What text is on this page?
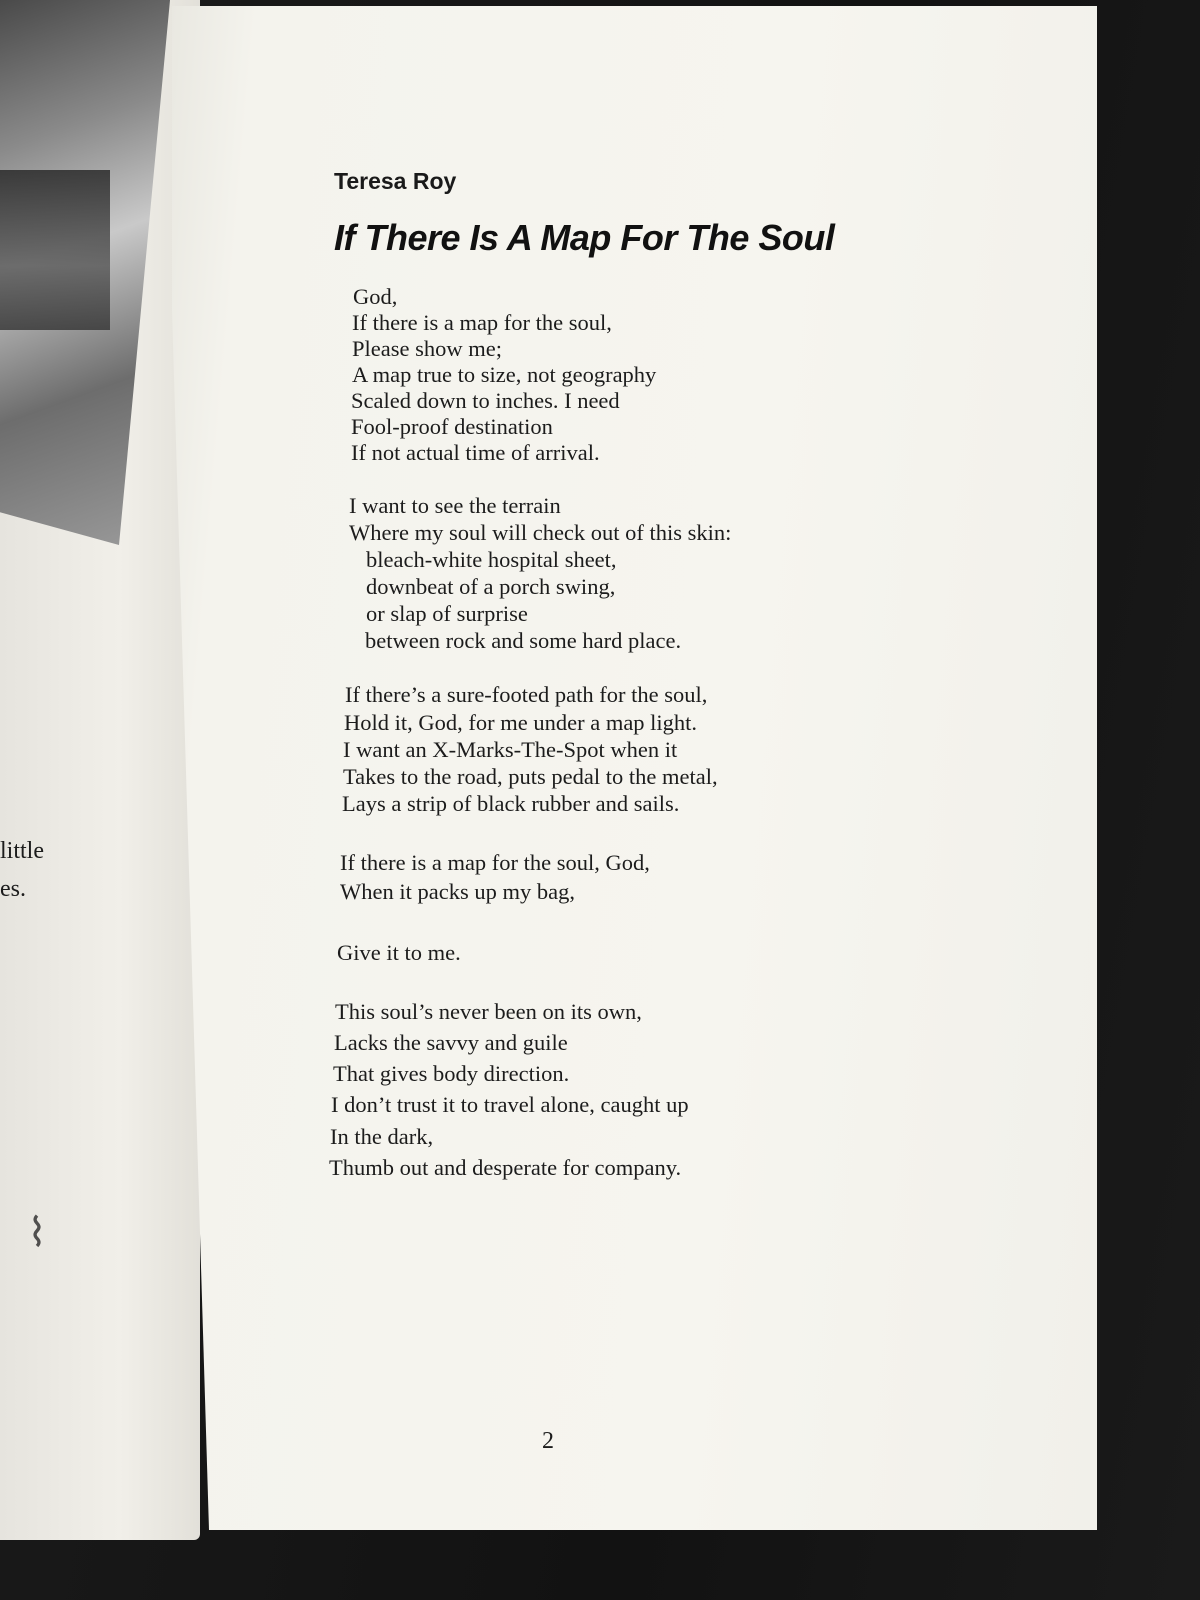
little
es.
⌇
Teresa Roy
If There Is A Map For The Soul
God,
If there is a map for the soul,
Please show me;
A map true to size, not geography
Scaled down to inches. I need
Fool-proof destination
If not actual time of arrival.
I want to see the terrain
Where my soul will check out of this skin:
bleach-white hospital sheet,
downbeat of a porch swing,
or slap of surprise
between rock and some hard place.
If there’s a sure-footed path for the soul,
Hold it, God, for me under a map light.
I want an X-Marks-The-Spot when it
Takes to the road, puts pedal to the metal,
Lays a strip of black rubber and sails.
If there is a map for the soul, God,
When it packs up my bag,
Give it to me.
This soul’s never been on its own,
Lacks the savvy and guile
That gives body direction.
I don’t trust it to travel alone, caught up
In the dark,
Thumb out and desperate for company.
2
